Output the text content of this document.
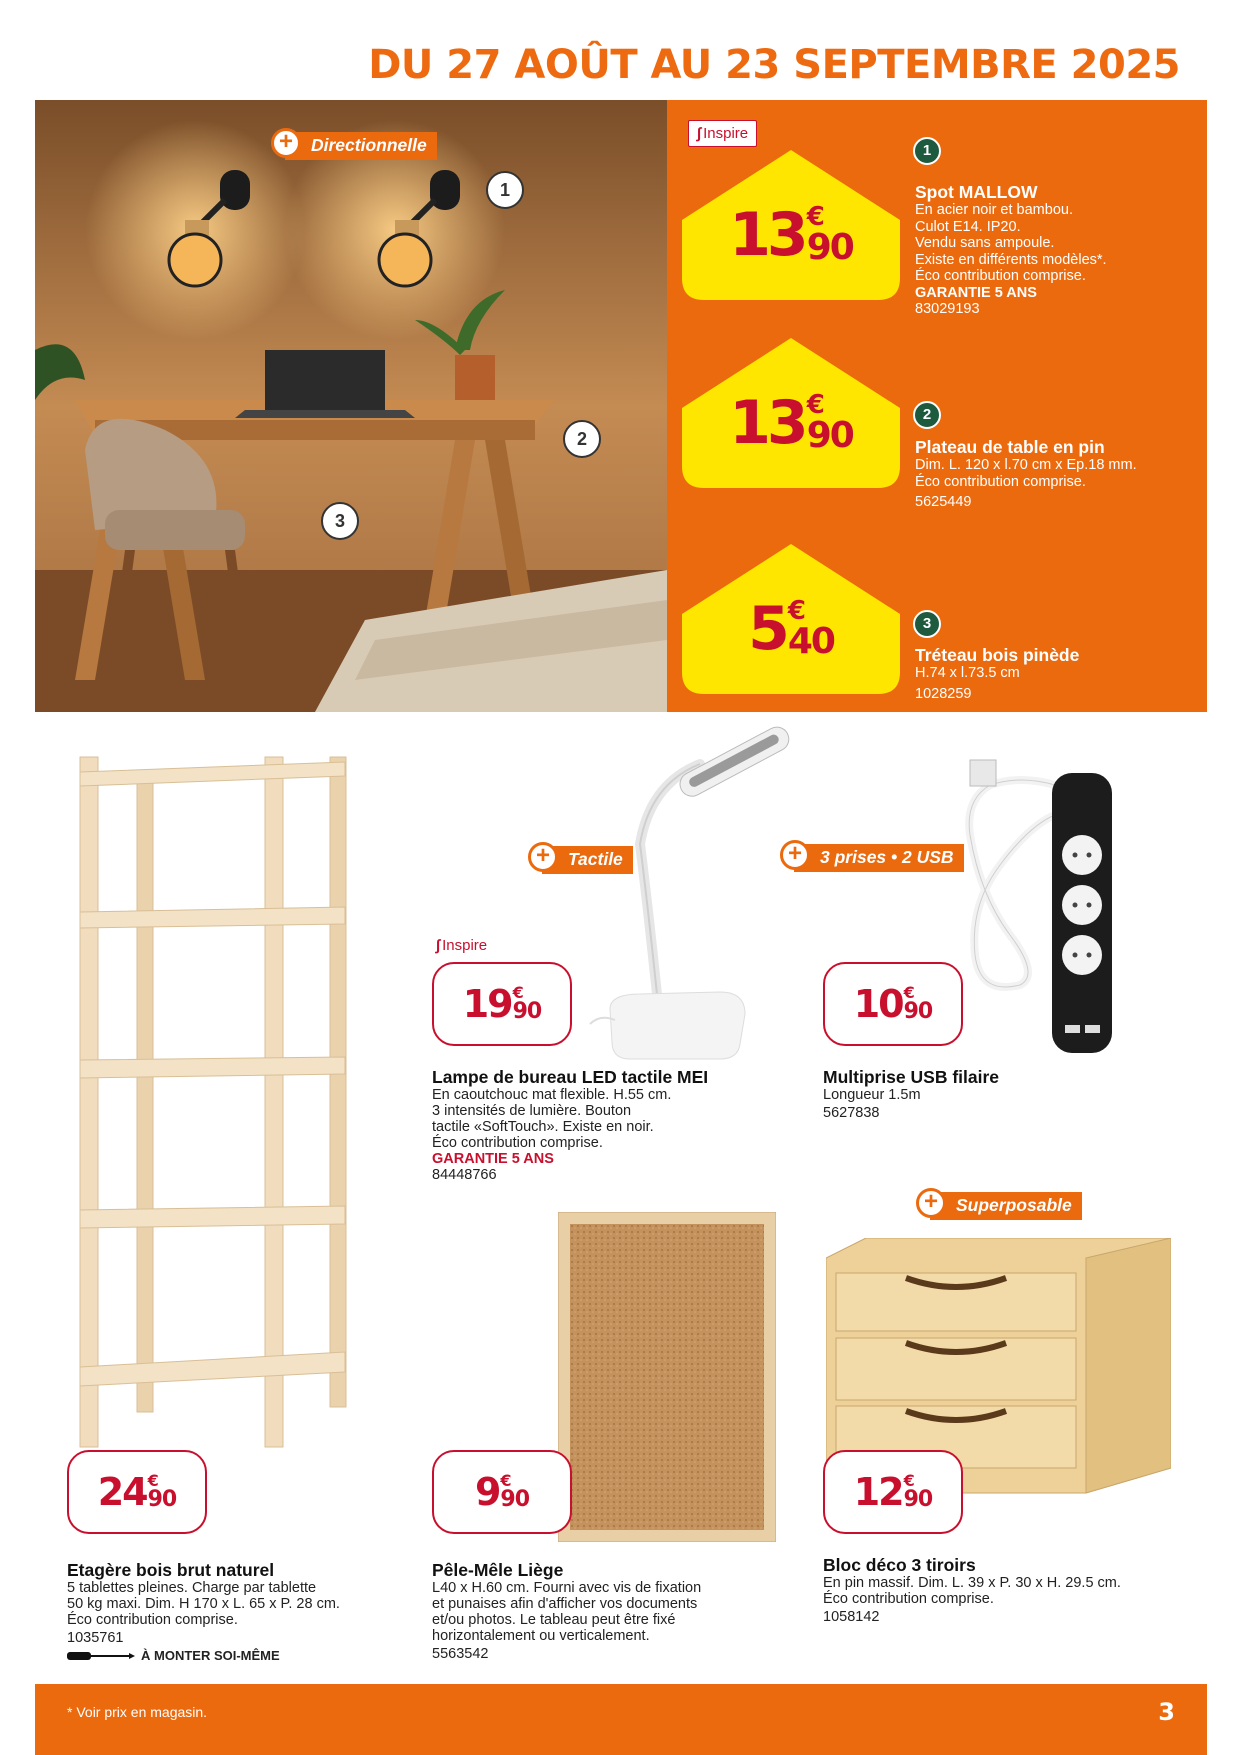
DU 27 AOÛT AU 23 SEPTEMBRE 2025
+	Directionnelle
1
2
3
∫ Inspire
13 €
90
1
Spot MALLOW
En acier noir et bambou.
Culot E14. IP20.
Vendu sans ampoule.
Existe en différents modèles*.
Éco contribution comprise.
GARANTIE 5 ANS
83029193
13 €
90
2
Plateau de table en pin
Dim. L. 120 x l.70 cm x Ep.18 mm.
Éco contribution comprise.
5625449
5 €
40	3
Tréteau bois pinède
H.74 x l.73.5 cm
1028259
24 €
90
Etagère bois brut naturel
5 tablettes pleines. Charge par tablette
50 kg maxi. Dim. H 170 x L. 65 x P. 28 cm.
Éco contribution comprise.
1035761
À MONTER SOI-MÊME
+	Tactile
∫ Inspire
19 €
90
Lampe de bureau LED tactile MEI
En caoutchouc mat flexible. H.55 cm.
3 intensités de lumière. Bouton
tactile «SoftTouch». Existe en noir.
Éco contribution comprise.
GARANTIE 5 ANS
84448766
+	3 prises • 2 USB
10 €
90
Multiprise USB filaire
Longueur 1.5m
5627838
9 €
90
Pêle-Mêle Liège
L40 x H.60 cm. Fourni avec vis de fixation
et punaises afin d'afficher vos documents
et/ou photos. Le tableau peut être fixé
horizontalement ou verticalement.
5563542
+	Superposable
12 €
90
Bloc déco 3 tiroirs
En pin massif. Dim. L. 39 x P. 30 x H. 29.5 cm.
Éco contribution comprise.
1058142
* Voir prix en magasin.	3
